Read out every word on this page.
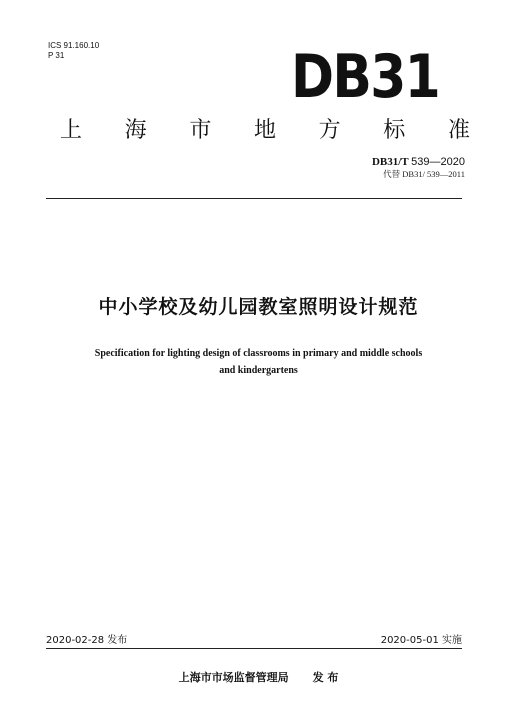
ICS 91.160.10
P 31	DB31
上 海 市 地 方 标 准
DB31/T 539—2020
代替 DB31/ 539—2011
中小学校及幼儿园教室照明设计规范
Specification for lighting design of classrooms in primary and middle schools
and kindergartens
2020-02-28 发布	2020-05-01 实施
上海市市场监督管理局 发 布
